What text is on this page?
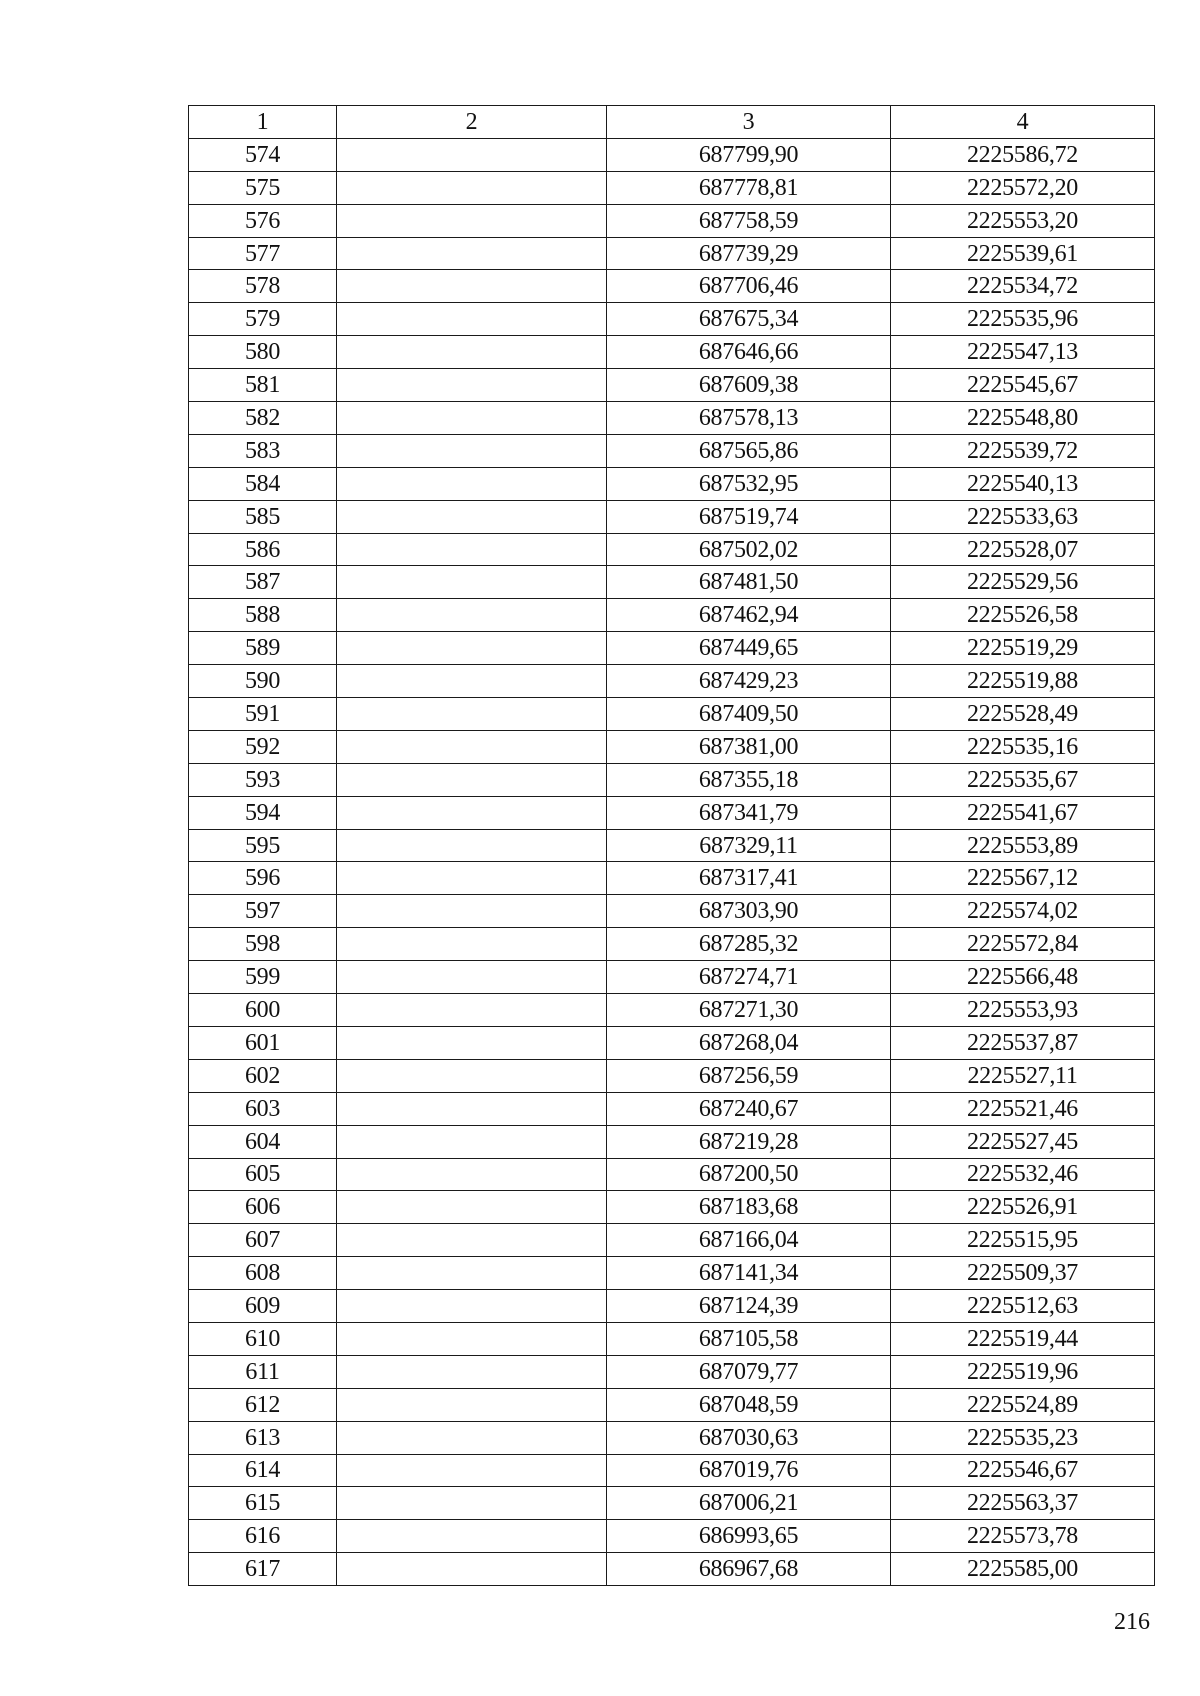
1	2	3	4
574		687799,90	2225586,72
575		687778,81	2225572,20
576		687758,59	2225553,20
577		687739,29	2225539,61
578		687706,46	2225534,72
579		687675,34	2225535,96
580		687646,66	2225547,13
581		687609,38	2225545,67
582		687578,13	2225548,80
583		687565,86	2225539,72
584		687532,95	2225540,13
585		687519,74	2225533,63
586		687502,02	2225528,07
587		687481,50	2225529,56
588		687462,94	2225526,58
589		687449,65	2225519,29
590		687429,23	2225519,88
591		687409,50	2225528,49
592		687381,00	2225535,16
593		687355,18	2225535,67
594		687341,79	2225541,67
595		687329,11	2225553,89
596		687317,41	2225567,12
597		687303,90	2225574,02
598		687285,32	2225572,84
599		687274,71	2225566,48
600		687271,30	2225553,93
601		687268,04	2225537,87
602		687256,59	2225527,11
603		687240,67	2225521,46
604		687219,28	2225527,45
605		687200,50	2225532,46
606		687183,68	2225526,91
607		687166,04	2225515,95
608		687141,34	2225509,37
609		687124,39	2225512,63
610		687105,58	2225519,44
611		687079,77	2225519,96
612		687048,59	2225524,89
613		687030,63	2225535,23
614		687019,76	2225546,67
615		687006,21	2225563,37
616		686993,65	2225573,78
617		686967,68	2225585,00
216
